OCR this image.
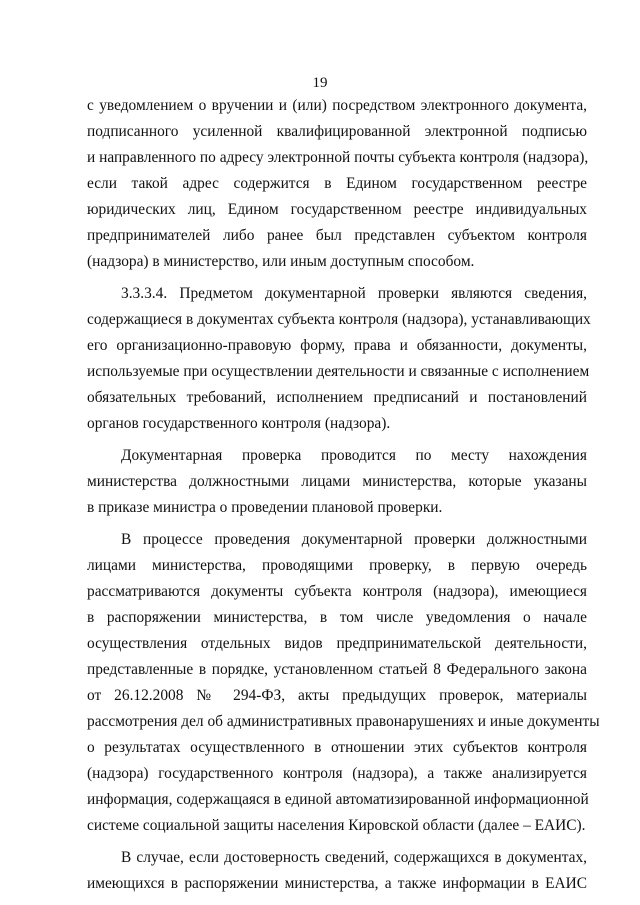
19
с уведомлением о вручении и (или) посредством электронного документа,
подписанного усиленной квалифицированной электронной подписью
и направленного по адресу электронной почты субъекта контроля (надзора),
если такой адрес содержится в Едином государственном реестре
юридических лиц, Едином государственном реестре индивидуальных
предпринимателей либо ранее был представлен субъектом контроля
(надзора) в министерство, или иным доступным способом.
3.3.3.4. Предметом документарной проверки являются сведения,
содержащиеся в документах субъекта контроля (надзора), устанавливающих
его организационно-правовую форму, права и обязанности, документы,
используемые при осуществлении деятельности и связанные с исполнением
обязательных требований, исполнением предписаний и постановлений
органов государственного контроля (надзора).
Документарная проверка проводится по месту нахождения
министерства должностными лицами министерства, которые указаны
в приказе министра о проведении плановой проверки.
В процессе проведения документарной проверки должностными
лицами министерства, проводящими проверку, в первую очередь
рассматриваются документы субъекта контроля (надзора), имеющиеся
в распоряжении министерства, в том числе уведомления о начале
осуществления отдельных видов предпринимательской деятельности,
представленные в порядке, установленном статьей 8 Федерального закона
от 26.12.2008 № 294-ФЗ, акты предыдущих проверок, материалы
рассмотрения дел об административных правонарушениях и иные документы
о результатах осуществленного в отношении этих субъектов контроля
(надзора) государственного контроля (надзора), а также анализируется
информация, содержащаяся в единой автоматизированной информационной
системе социальной защиты населения Кировской области (далее – ЕАИС).
В случае, если достоверность сведений, содержащихся в документах,
имеющихся в распоряжении министерства, а также информации в ЕАИС
